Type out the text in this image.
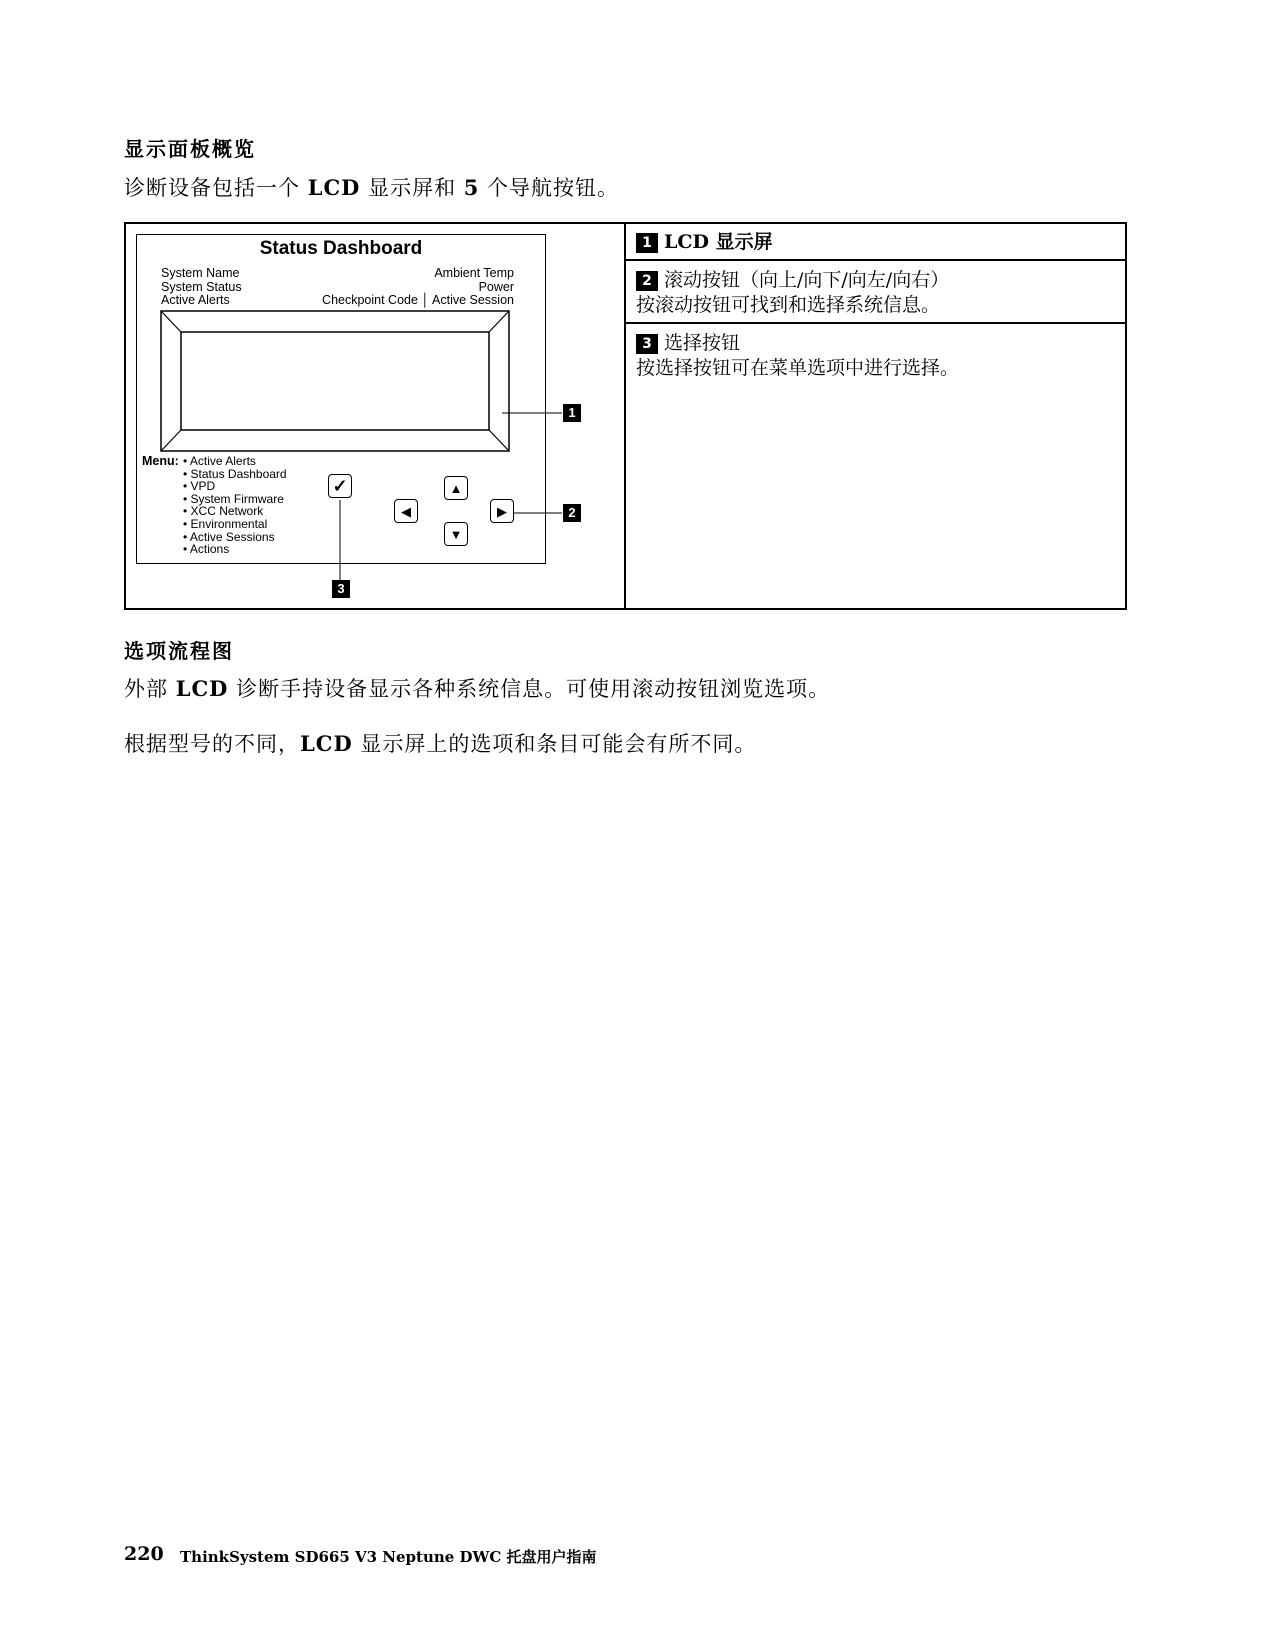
显示面板概览
诊断设备包括一个 LCD 显示屏和 5 个导航按钮。
1 LCD 显示屏
2 滚动按钮（向上/向下/向左/向右）
按滚动按钮可找到和选择系统信息。
3 选择按钮
按选择按钮可在菜单选项中进行选择。
Status Dashboard
System Name
System Status
Active Alerts
Ambient Temp
Power
Checkpoint Code │ Active Session
Menu:
• Active Alerts
• Status Dashboard
• VPD
• System Firmware
• XCC Network
• Environmental
• Active Sessions
• Actions
✓	▲
◀	▶
▼
1
2
3
选项流程图
外部 LCD 诊断手持设备显示各种系统信息。可使用滚动按钮浏览选项。
根据型号的不同，LCD 显示屏上的选项和条目可能会有所不同。
220 ThinkSystem SD665 V3 Neptune DWC 托盘用户指南
